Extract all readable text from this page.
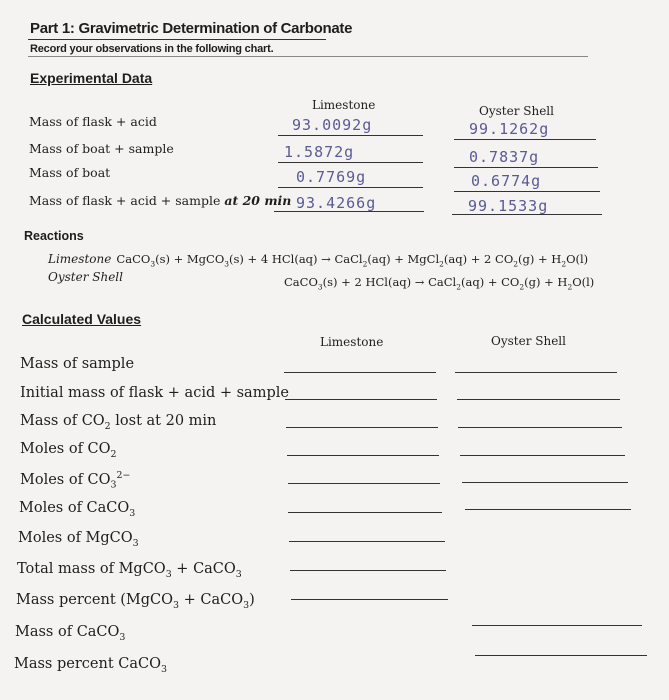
Part 1: Gravimetric Determination of Carbonate
Record your observations in the following chart.
Experimental Data
Limestone	Oyster Shell
Mass of flask + acid	93.0092g	99.1262g
Mass of boat + sample	1.5872g	0.7837g
Mass of boat	0.7769g	0.6774g
Mass of flask + acid + sample at 20 min 93.4266g	99.1533g
Reactions
Limestone CaCO$_3$(s) + MgCO$_3$(s) + 4 HCl(aq) → CaCl$_2$(aq) + MgCl$_2$(aq) + 2 $CO_2(g) + H_2O(l)$
Oyster Shell	CaCO$_3$(s) + 2 HCl(aq) → CaCl$_2$(aq) + $CO_2(g) + H_2O(l)$
Calculated Values
Limestone	Oyster Shell
Mass of sample
Initial mass of flask + acid + sample
Mass of $CO_2$ lost at 20 min
Moles of $CO_2$
Moles of $CO_3^{2-}$
Moles of CaCO$_3$
Moles of MgCO$_3$
Total mass of MgCO$_3$ + CaCO$_3$
Mass percent (MgCO$_3$ + CaCO$_3$)
Mass of CaCO$_3$
Mass percent CaCO$_3$
